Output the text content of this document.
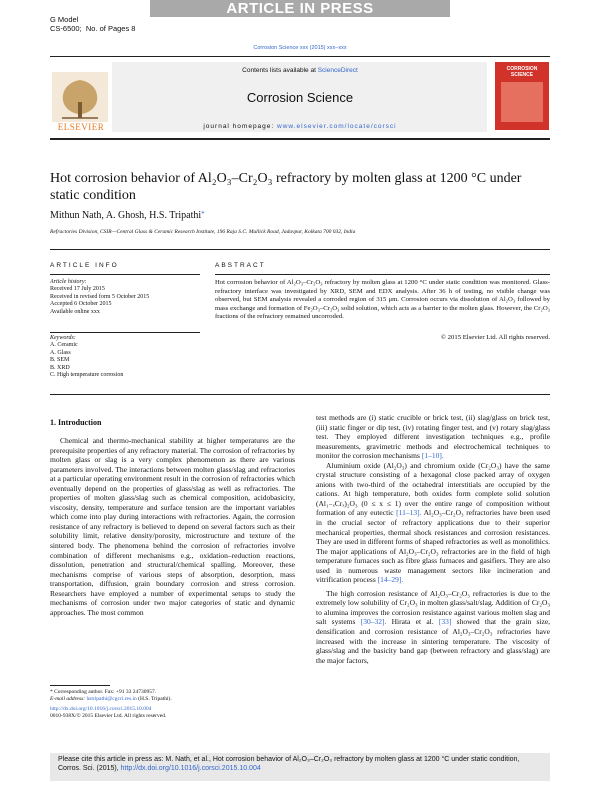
ARTICLE IN PRESS
G Model
CS-6500; No. of Pages 8
Corrosion Science xxx (2015) xxx–xxx
ELSEVIER
Contents lists available at ScienceDirect
Corrosion Science
journal homepage: www.elsevier.com/locate/corsci
CORROSION SCIENCE
Hot corrosion behavior of Al₂O₃–Cr₂O₃ refractory by molten glass at 1200 °C under static condition
Mithun Nath, A. Ghosh, H.S. Tripathi*
Refractories Division, CSIR—Central Glass & Ceramic Research Institute, 196 Raja S.C. Mullick Road, Jadavpur, Kolkata 700 032, India
ARTICLE INFO
Article history:
Received 17 July 2015
Received in revised form 5 October 2015
Accepted 6 October 2015
Available online xxx
Keywords:
A. Ceramic
A. Glass
B. SEM
B. XRD
C. High temperature corrosion
ABSTRACT
Hot corrosion behavior of Al₂O₃–Cr₂O₃ refractory by molten glass at 1200 °C under static condition was monitored. Glass-refractory interface was investigated by XRD, SEM and EDX analysis. After 36 h of testing, no visible change was observed, but SEM analysis revealed a corroded region of 315 μm. Corrosion occurs via dissolution of Al₂O₃ followed by mass exchange and formation of Fe₂O₃–Cr₂O₃ solid solution, which acts as a barrier to the molten glass. However, the Cr₂O₃ fractions of the refractory remained uncorroded.
© 2015 Elsevier Ltd. All rights reserved.
1. Introduction

Chemical and thermo-mechanical stability at higher temperatures are the prerequisite properties of any refractory material. The corrosion of refractories by molten glass or slag is a very complex phenomenon as there are various parameters involved. The interactions between molten glass/slag and refractories at a particular operating environment result in the corrosion of refractories which eventually depend on the properties of glass/slag as well as refractories. The properties of molten glass/slag such as chemical composition, acidobasicity, viscosity, density, temperature and surface tension are the important variables which come into play during interactions with refractories. Again, the corrosion resistance of any refractory is believed to depend on several factors such as their solubility limit, relative density/porosity, microstructure and texture of the sintered body. The phenomena behind the corrosion of refractories involve combination of different mechanisms e.g., oxidation–reduction reactions, dissolution, penetration and structural/chemical spalling. Moreover, these mechanisms comprise of various steps of absorption, desorption, mass transportation, diffusion, grain boundary corrosion and stress corrosion. Researchers have employed a number of experimental setups to study the mechanisms of corrosion under two major categories of static and dynamic approaches. The most common

test methods are (i) static crucible or brick test, (ii) slag/glass on brick test, (iii) static finger or dip test, (iv) rotating finger test, and (v) rotary slag/glass test. They employed different investigation techniques e.g., profile measurements, gravimetric methods and electrochemical techniques to monitor the corrosion mechanisms [1–10].

Aluminium oxide (Al₂O₃) and chromium oxide (Cr₂O₃) have the same crystal structure consisting of a hexagonal close packed array of oxygen anions with two-third of the octahedral interstitials are occupied by the cations. At high temperature, both oxides form complete solid solution (Al₁₋ₓCrₓ)₂O₃ (0 ≤ x ≤ 1) over the entire range of composition without formation of any eutectic [11–13]. Al₂O₃–Cr₂O₃ refractories have been used in the crucial sector of refractory applications due to their superior mechanical properties, thermal shock resistances and corrosion resistances. They are used in different forms of shaped refractories as well as monolithics. The major applications of Al₂O₃–Cr₂O₃ refractories are in the field of high temperature furnaces such as fibre glass furnaces and gasifiers. They are also used in numerous waste management sectors like incineration and vitrification process [14–29].

The high corrosion resistance of Al₂O₃–Cr₂O₃ refractories is due to the extremely low solubility of Cr₂O₃ in molten glass/salt/slag. Addition of Cr₂O₃ to alumina improves the corrosion resistance against various molten slag and salt systems [30–32]. Hirata et al. [33] showed that the grain size, densification and corrosion resistance of Al₂O₃–Cr₂O₃ refractories have increased with the increase in sintering temperature. The viscosity of glass/slag and the basicity band gap (between refractory and glass/slag) are the major factors,

* Corresponding author. Fax: +91 33 24730957.
E-mail address: hstripathi@cgcri.res.in (H.S. Tripathi).
http://dx.doi.org/10.1016/j.corsci.2015.10.004
0010-938X/© 2015 Elsevier Ltd. All rights reserved.
Please cite this article in press as: M. Nath, et al., Hot corrosion behavior of Al₂O₃–Cr₂O₃ refractory by molten glass at 1200 °C under static condition, Corros. Sci. (2015), http://dx.doi.org/10.1016/j.corsci.2015.10.004
